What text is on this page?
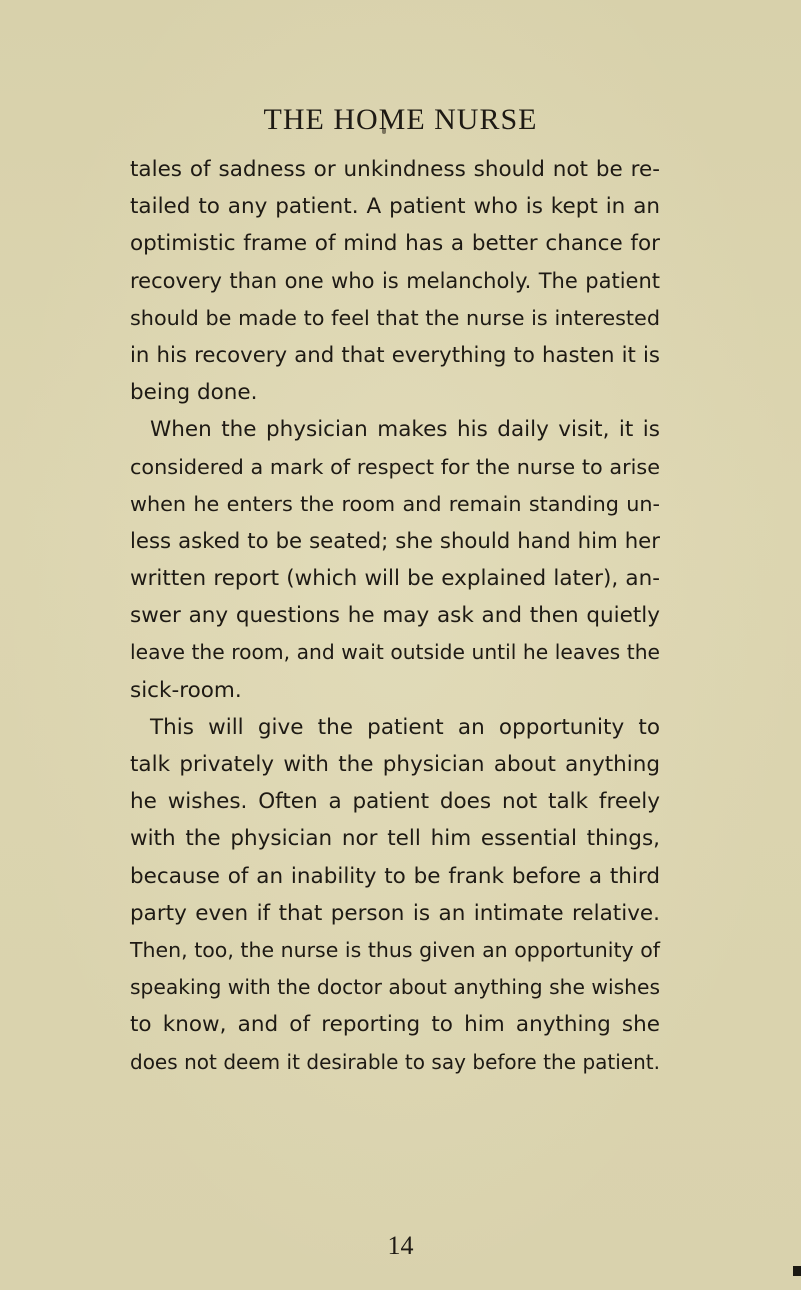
THE HOME NURSE
tales of sadness or unkindness should not be re-
tailed to any patient. A patient who is kept in an
optimistic frame of mind has a better chance for
recovery than one who is melancholy. The patient
should be made to feel that the nurse is interested
in his recovery and that everything to hasten it is
being done.
When the physician makes his daily visit, it is
considered a mark of respect for the nurse to arise
when he enters the room and remain standing un-
less asked to be seated; she should hand him her
written report (which will be explained later), an-
swer any questions he may ask and then quietly
leave the room, and wait outside until he leaves the
sick-room.
This will give the patient an opportunity to
talk privately with the physician about anything
he wishes. Often a patient does not talk freely
with the physician nor tell him essential things,
because of an inability to be frank before a third
party even if that person is an intimate relative.
Then, too, the nurse is thus given an opportunity of
speaking with the doctor about anything she wishes
to know, and of reporting to him anything she
does not deem it desirable to say before the patient.
14
